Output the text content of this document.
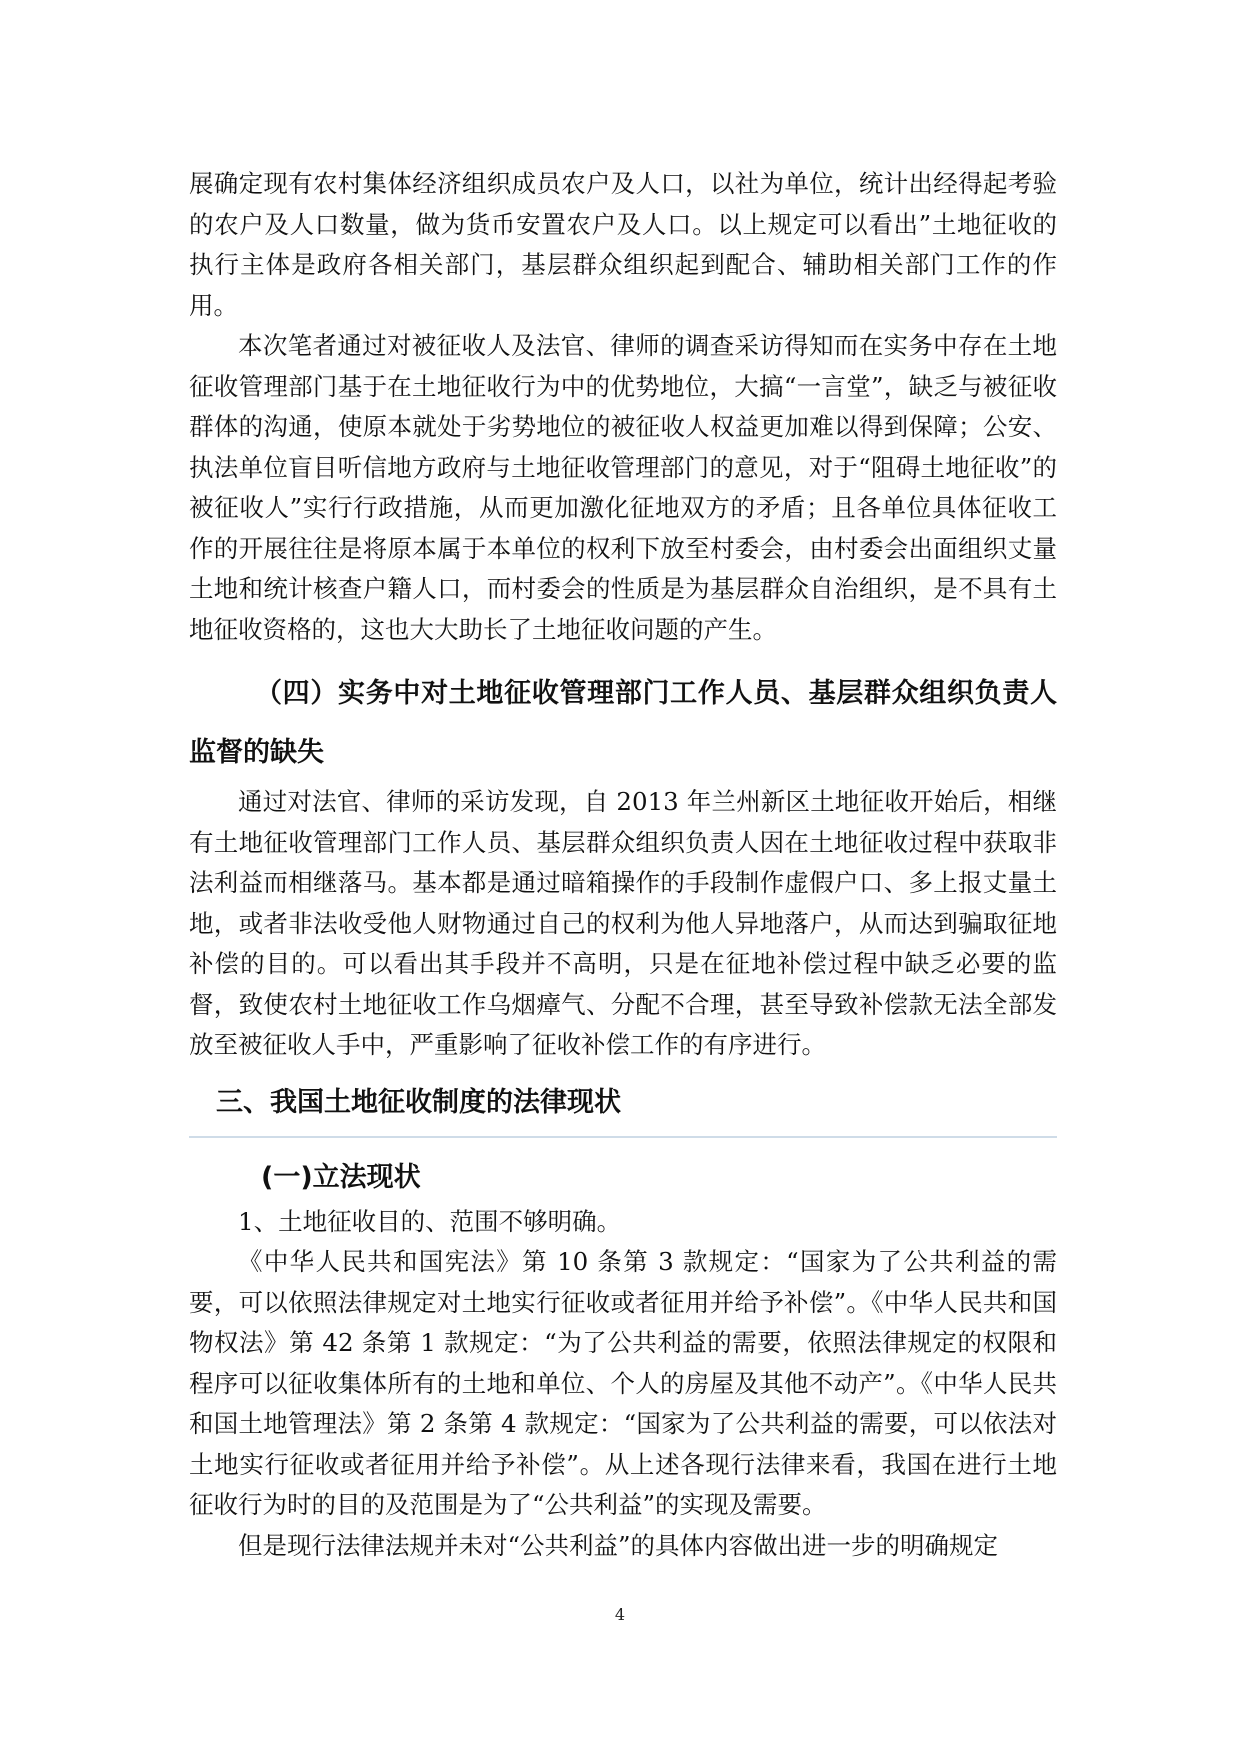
展确定现有农村集体经济组织成员农户及人口，以社为单位，统计出经得起考验的农户及人口数量，做为货币安置农户及人口。以上规定可以看出”土地征收的执行主体是政府各相关部门，基层群众组织起到配合、辅助相关部门工作的作用。

本次笔者通过对被征收人及法官、律师的调查采访得知而在实务中存在土地征收管理部门基于在土地征收行为中的优势地位，大搞“一言堂”，缺乏与被征收群体的沟通，使原本就处于劣势地位的被征收人权益更加难以得到保障；公安、执法单位盲目听信地方政府与土地征收管理部门的意见，对于“阻碍土地征收”的被征收人”实行行政措施，从而更加激化征地双方的矛盾；且各单位具体征收工作的开展往往是将原本属于本单位的权利下放至村委会，由村委会出面组织丈量土地和统计核查户籍人口，而村委会的性质是为基层群众自治组织，是不具有土地征收资格的，这也大大助长了土地征收问题的产生。

（四）实务中对土地征收管理部门工作人员、基层群众组织负责人监督的缺失

通过对法官、律师的采访发现，自 2013 年兰州新区土地征收开始后，相继有土地征收管理部门工作人员、基层群众组织负责人因在土地征收过程中获取非法利益而相继落马。基本都是通过暗箱操作的手段制作虚假户口、多上报丈量土地，或者非法收受他人财物通过自己的权利为他人异地落户，从而达到骗取征地补偿的目的。可以看出其手段并不高明，只是在征地补偿过程中缺乏必要的监督，致使农村土地征收工作乌烟瘴气、分配不合理，甚至导致补偿款无法全部发放至被征收人手中，严重影响了征收补偿工作的有序进行。

三、我国土地征收制度的法律现状
(一)立法现状

1、土地征收目的、范围不够明确。

《中华人民共和国宪法》第 10 条第 3 款规定：“国家为了公共利益的需要，可以依照法律规定对土地实行征收或者征用并给予补偿”。《中华人民共和国物权法》第 42 条第 1 款规定：“为了公共利益的需要，依照法律规定的权限和程序可以征收集体所有的土地和单位、个人的房屋及其他不动产”。《中华人民共和国土地管理法》第 2 条第 4 款规定：“国家为了公共利益的需要，可以依法对土地实行征收或者征用并给予补偿”。从上述各现行法律来看，我国在进行土地征收行为时的目的及范围是为了“公共利益”的实现及需要。

但是现行法律法规并未对“公共利益”的具体内容做出进一步的明确规定

4
